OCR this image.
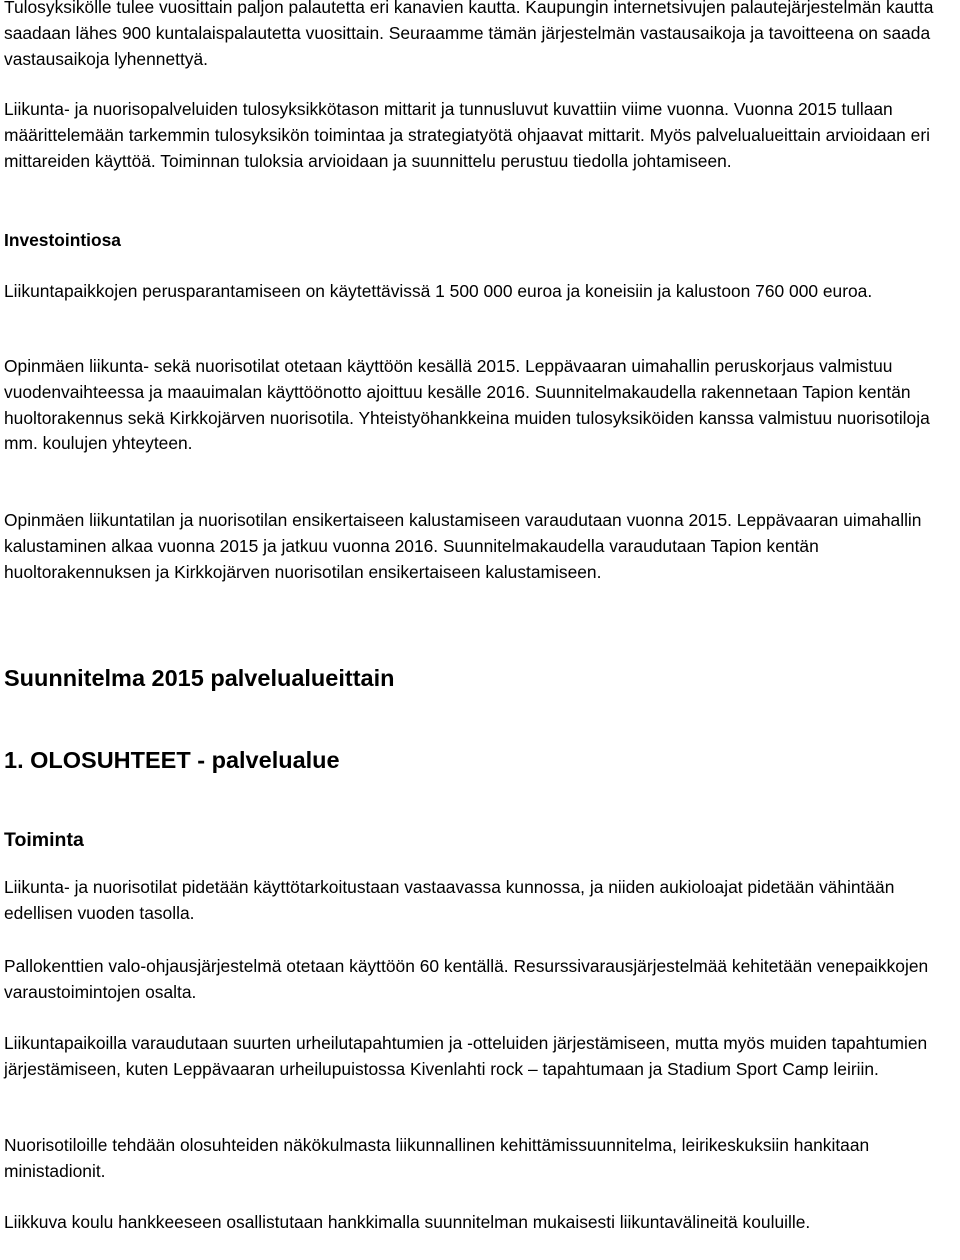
Tulosyksikölle tulee vuosittain paljon palautetta eri kanavien kautta. Kaupungin internetsivujen palautejärjestelmän kautta saadaan lähes 900 kuntalaispalautetta vuosittain. Seuraamme tämän järjestelmän vastausaikoja ja tavoitteena on saada vastausaikoja lyhennettyä.

Liikunta- ja nuorisopalveluiden tulosyksikkötason mittarit ja tunnusluvut kuvattiin viime vuonna. Vuonna 2015 tullaan määrittelemään tarkemmin tulosyksikön toimintaa ja strategiatyötä ohjaavat mittarit. Myös palvelualueittain arvioidaan eri mittareiden käyttöä. Toiminnan tuloksia arvioidaan ja suunnittelu perustuu tiedolla johtamiseen.

Investointiosa

Liikuntapaikkojen perusparantamiseen on käytettävissä 1 500 000 euroa ja koneisiin ja kalustoon 760 000 euroa.

Opinmäen liikunta- sekä nuorisotilat otetaan käyttöön kesällä 2015. Leppävaaran uimahallin peruskorjaus valmistuu vuodenvaihteessa ja maauimalan käyttöönotto ajoittuu kesälle 2016. Suunnitelmakaudella rakennetaan Tapion kentän huoltorakennus sekä Kirkkojärven nuorisotila. Yhteistyöhankkeina muiden tulosyksiköiden kanssa valmistuu nuorisotiloja mm. koulujen yhteyteen.

Opinmäen liikuntatilan ja nuorisotilan ensikertaiseen kalustamiseen varaudutaan vuonna 2015. Leppävaaran uimahallin kalustaminen alkaa vuonna 2015 ja jatkuu vuonna 2016. Suunnitelmakaudella varaudutaan Tapion kentän huoltorakennuksen ja Kirkkojärven nuorisotilan ensikertaiseen kalustamiseen.

Suunnitelma 2015 palvelualueittain
1. OLOSUHTEET - palvelualue
Toiminta

Liikunta- ja nuorisotilat pidetään käyttötarkoitustaan vastaavassa kunnossa, ja niiden aukioloajat pidetään vähintään edellisen vuoden tasolla.

Pallokenttien valo-ohjausjärjestelmä otetaan käyttöön 60 kentällä. Resurssivarausjärjestelmää kehitetään venepaikkojen varaustoimintojen osalta.

Liikuntapaikoilla varaudutaan suurten urheilutapahtumien ja -otteluiden järjestämiseen, mutta myös muiden tapahtumien järjestämiseen, kuten Leppävaaran urheilupuistossa Kivenlahti rock – tapahtumaan ja Stadium Sport Camp leiriin.

Nuorisotiloille tehdään olosuhteiden näkökulmasta liikunnallinen kehittämissuunnitelma, leirikeskuksiin hankitaan ministadionit.

Liikkuva koulu hankkeeseen osallistutaan hankkimalla suunnitelman mukaisesti liikuntavälineitä kouluille.
